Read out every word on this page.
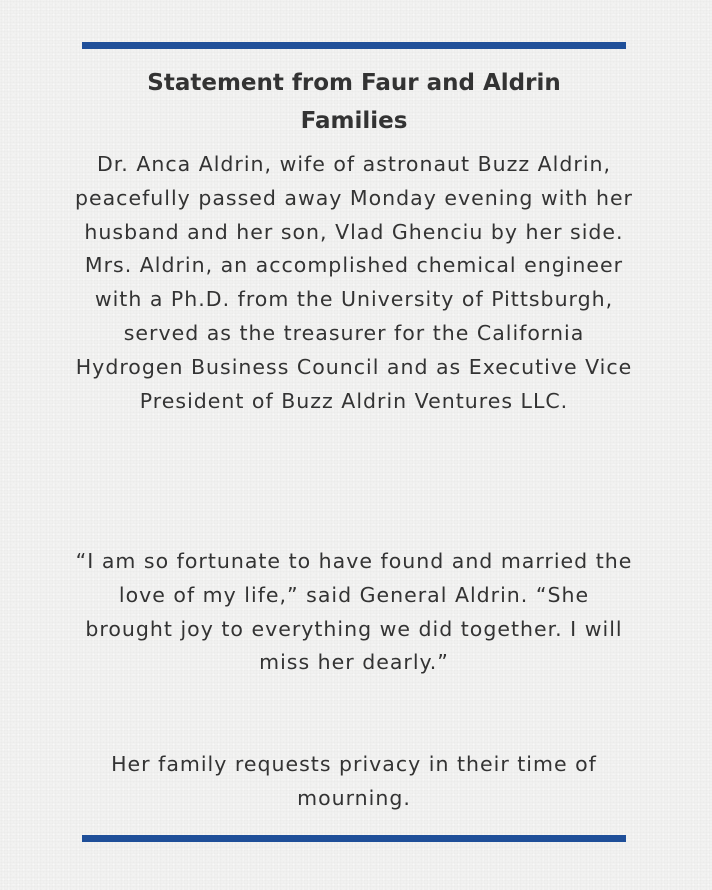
Statement from Faur and Aldrin Families

Dr. Anca Aldrin, wife of astronaut Buzz Aldrin, peacefully passed away Monday evening with her husband and her son, Vlad Ghenciu by her side. Mrs. Aldrin, an accomplished chemical engineer with a Ph.D. from the University of Pittsburgh, served as the treasurer for the California Hydrogen Business Council and as Executive Vice President of Buzz Aldrin Ventures LLC.

“I am so fortunate to have found and married the love of my life,” said General Aldrin. “She brought joy to everything we did together. I will miss her dearly.”

Her family requests privacy in their time of mourning.
